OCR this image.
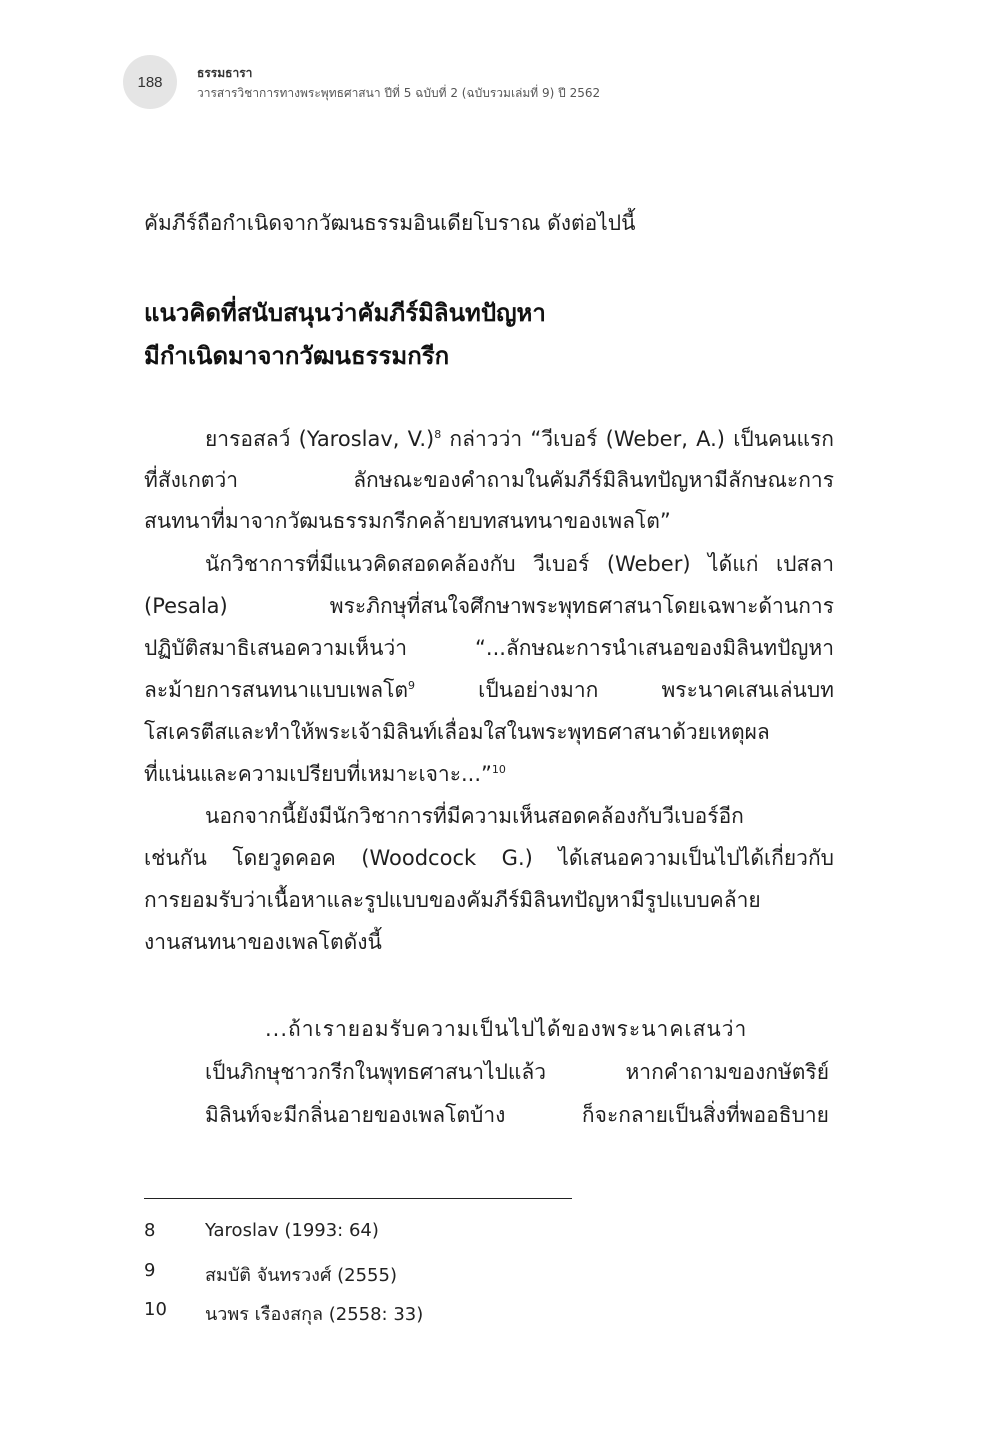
188
ธรรมธารา
วารสารวิชาการทางพระพุทธศาสนา ปีที่ 5 ฉบับที่ 2 (ฉบับรวมเล่มที่ 9) ปี 2562
คัมภีร์ถือกำเนิดจากวัฒนธรรมอินเดียโบราณ ดังต่อไปนี้
แนวคิดที่สนับสนุนว่าคัมภีร์มิลินทปัญหา
มีกำเนิดมาจากวัฒนธรรมกรีก
ยารอสลว์ (Yaroslav, V.)$^8$ กล่าวว่า “วีเบอร์ (Weber, A.) เป็นคนแรก
ที่สังเกตว่า ลักษณะของคำถามในคัมภีร์มิลินทปัญหามีลักษณะการ
สนทนาที่มาจากวัฒนธรรมกรีกคล้ายบทสนทนาของเพลโต”
นักวิชาการที่มีแนวคิดสอดคล้องกับ วีเบอร์ (Weber) ได้แก่ เปสลา
(Pesala) พระภิกษุที่สนใจศึกษาพระพุทธศาสนาโดยเฉพาะด้านการ
ปฏิบัติสมาธิเสนอความเห็นว่า “...ลักษณะการนำเสนอของมิลินทปัญหา
ละม้ายการสนทนาแบบเพลโต$^9$ เป็นอย่างมาก พระนาคเสนเล่นบท
โสเครตีสและทำให้พระเจ้ามิลินท์เลื่อมใสในพระพุทธศาสนาด้วยเหตุผล
ที่แน่นและความเปรียบที่เหมาะเจาะ...”$^{10}$
นอกจากนี้ยังมีนักวิชาการที่มีความเห็นสอดคล้องกับวีเบอร์อีก
เช่นกัน โดยวูดคอค (Woodcock G.) ได้เสนอความเป็นไปได้เกี่ยวกับ
การยอมรับว่าเนื้อหาและรูปแบบของคัมภีร์มิลินทปัญหามีรูปแบบคล้าย
งานสนทนาของเพลโตดังนี้
...ถ้าเรายอมรับความเป็นไปได้ของพระนาคเสนว่า
เป็นภิกษุชาวกรีกในพุทธศาสนาไปแล้ว หากคำถามของกษัตริย์
มิลินท์จะมีกลิ่นอายของเพลโตบ้าง ก็จะกลายเป็นสิ่งที่พออธิบาย
8	Yaroslav (1993: 64)
9	สมบัติ จันทรวงศ์ (2555)
10 นวพร เรืองสกุล (2558: 33)
